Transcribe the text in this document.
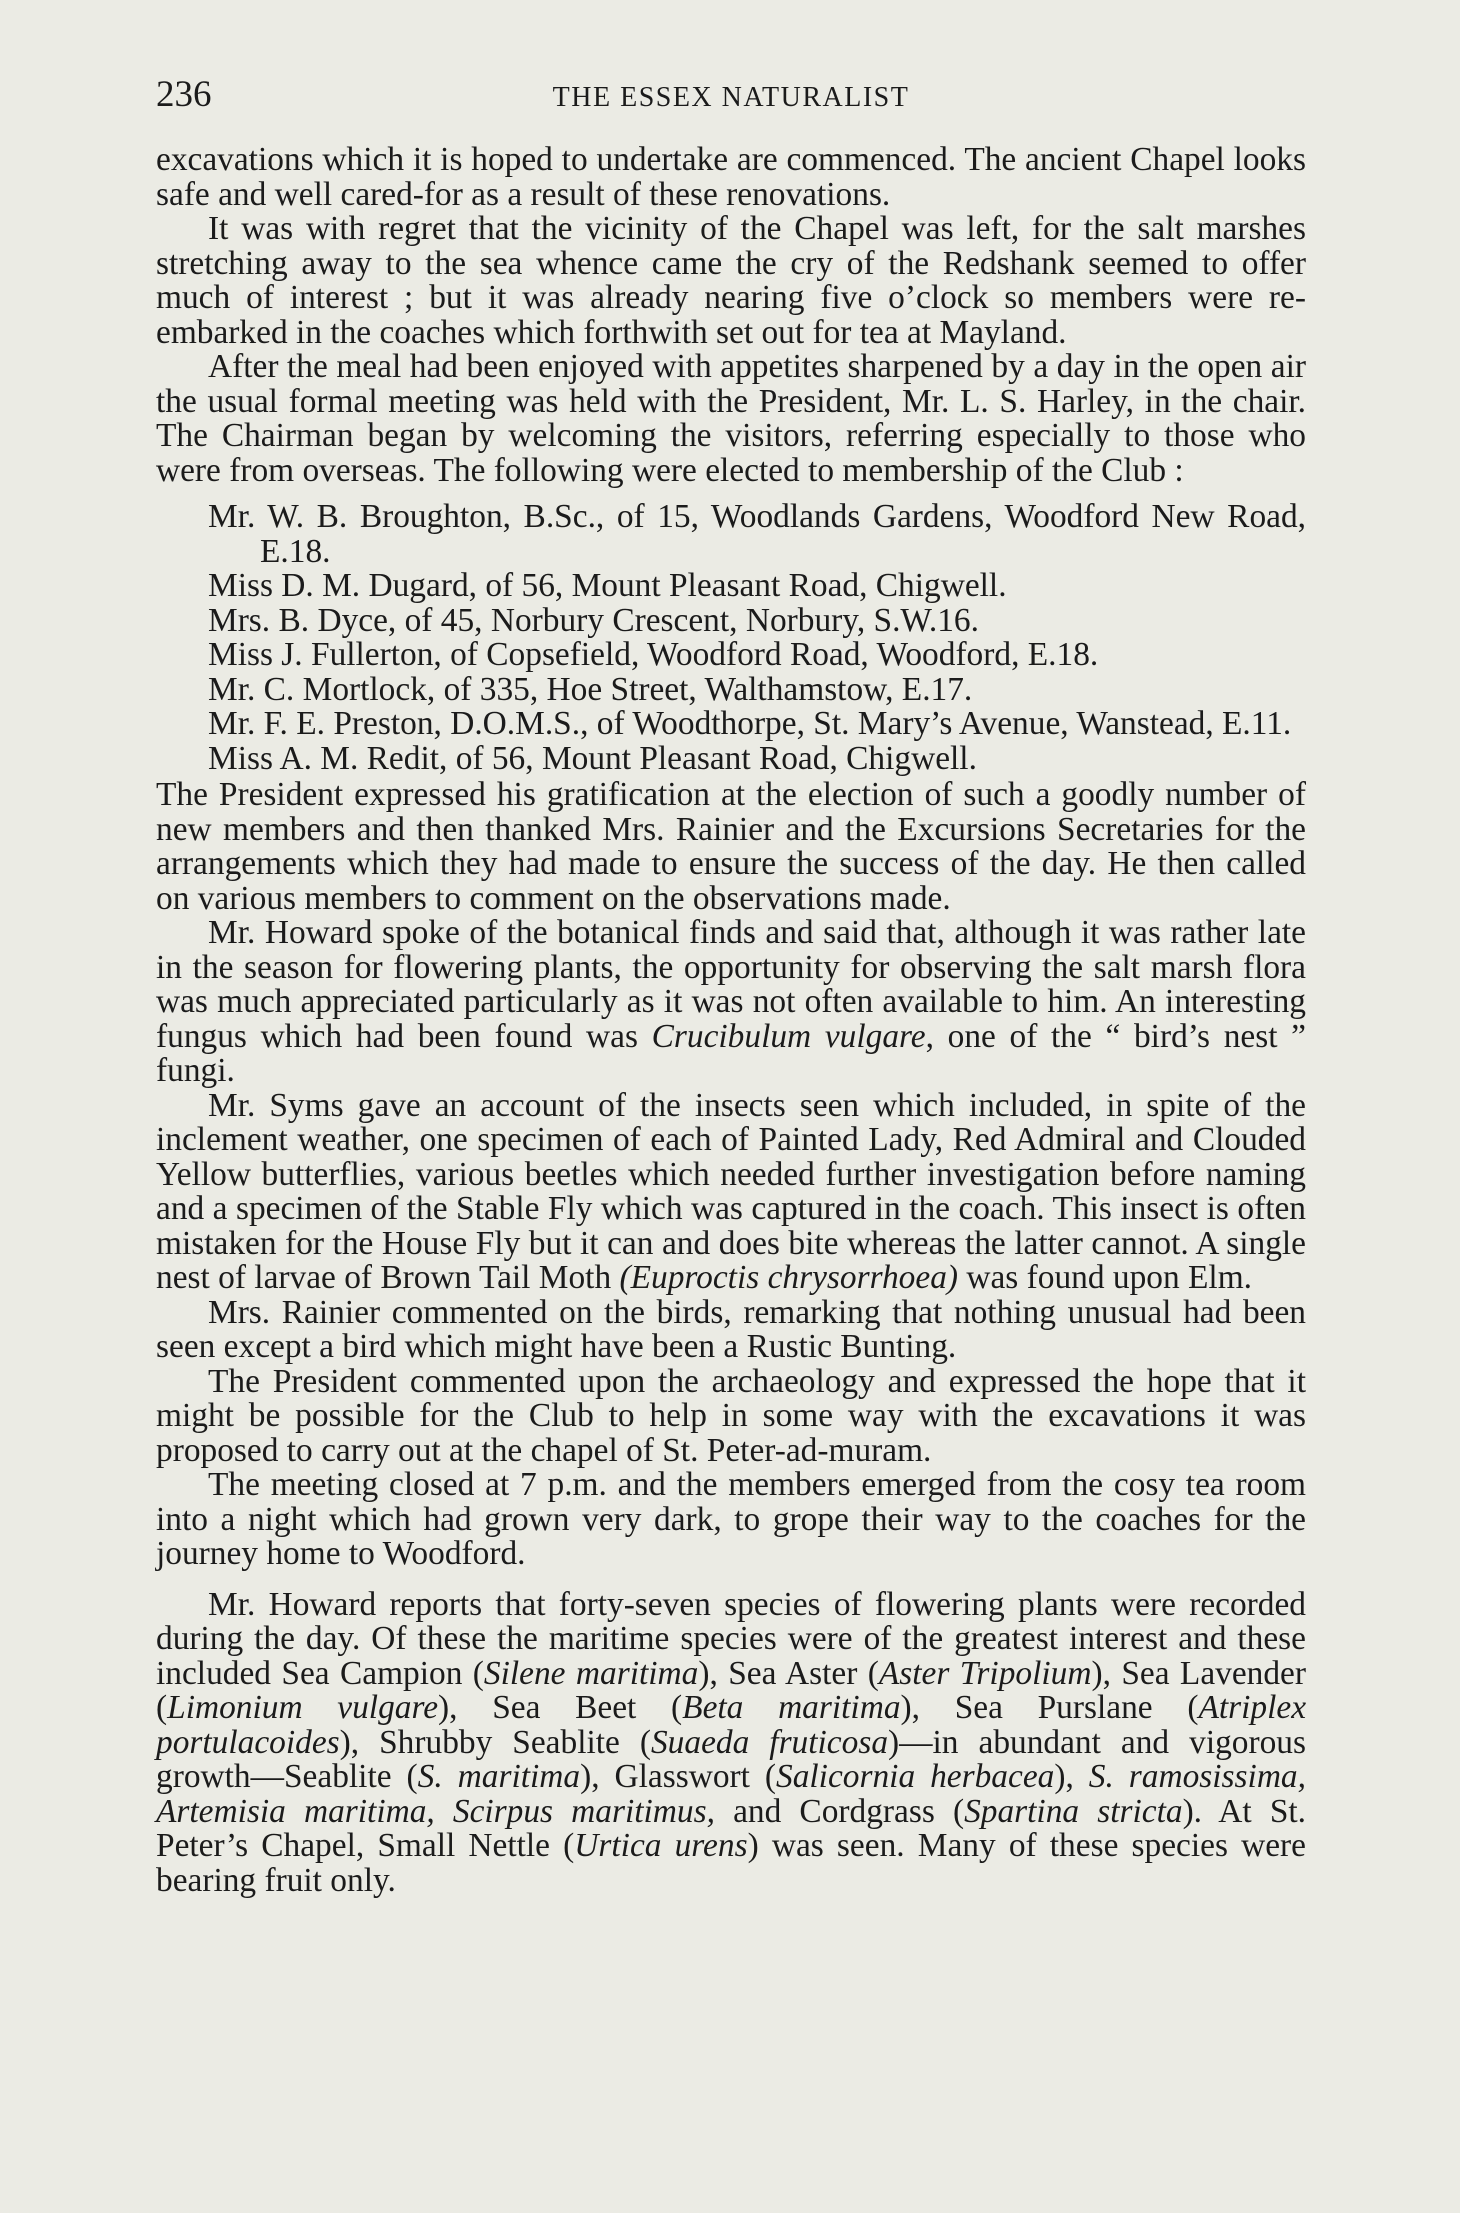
236	THE ESSEX NATURALIST

excavations which it is hoped to undertake are commenced. The ancient Chapel looks safe and well cared-for as a result of these renovations.

It was with regret that the vicinity of the Chapel was left, for the salt marshes stretching away to the sea whence came the cry of the Redshank seemed to offer much of interest ; but it was already nearing five o’clock so members were re-embarked in the coaches which forthwith set out for tea at Mayland.

After the meal had been enjoyed with appetites sharpened by a day in the open air the usual formal meeting was held with the President, Mr. L. S. Harley, in the chair. The Chairman began by welcoming the visitors, referring especially to those who were from overseas. The following were elected to membership of the Club :

Mr. W. B. Broughton, B.Sc., of 15, Woodlands Gardens, Woodford New Road, E.18.
Miss D. M. Dugard, of 56, Mount Pleasant Road, Chigwell.
Mrs. B. Dyce, of 45, Norbury Crescent, Norbury, S.W.16.
Miss J. Fullerton, of Copsefield, Woodford Road, Woodford, E.18.
Mr. C. Mortlock, of 335, Hoe Street, Walthamstow, E.17.
Mr. F. E. Preston, D.O.M.S., of Woodthorpe, St. Mary’s Avenue, Wanstead, E.11.
Miss A. M. Redit, of 56, Mount Pleasant Road, Chigwell.

The President expressed his gratification at the election of such a goodly number of new members and then thanked Mrs. Rainier and the Excursions Secretaries for the arrangements which they had made to ensure the success of the day. He then called on various members to comment on the observations made.

Mr. Howard spoke of the botanical finds and said that, although it was rather late in the season for flowering plants, the opportunity for observing the salt marsh flora was much appreciated particularly as it was not often available to him. An interesting fungus which had been found was Crucibulum vulgare, one of the “ bird’s nest ” fungi.

Mr. Syms gave an account of the insects seen which included, in spite of the inclement weather, one specimen of each of Painted Lady, Red Admiral and Clouded Yellow butterflies, various beetles which needed further investigation before naming and a specimen of the Stable Fly which was captured in the coach. This insect is often mistaken for the House Fly but it can and does bite whereas the latter cannot. A single nest of larvae of Brown Tail Moth (Euproctis chrysorrhoea) was found upon Elm.

Mrs. Rainier commented on the birds, remarking that nothing unusual had been seen except a bird which might have been a Rustic Bunting.

The President commented upon the archaeology and expressed the hope that it might be possible for the Club to help in some way with the excavations it was proposed to carry out at the chapel of St. Peter-ad-muram.

The meeting closed at 7 p.m. and the members emerged from the cosy tea room into a night which had grown very dark, to grope their way to the coaches for the journey home to Woodford.

Mr. Howard reports that forty-seven species of flowering plants were recorded during the day. Of these the maritime species were of the greatest interest and these included Sea Campion (Silene maritima), Sea Aster (Aster Tripolium), Sea Lavender (Limonium vulgare), Sea Beet (Beta maritima), Sea Purslane (Atriplex portulacoides), Shrubby Seablite (Suaeda fruticosa)—in abundant and vigorous growth—Seablite (S. maritima), Glasswort (Salicornia herbacea), S. ramosissima, Artemisia maritima, Scirpus maritimus, and Cordgrass (Spartina stricta). At St. Peter’s Chapel, Small Nettle (Urtica urens) was seen. Many of these species were bearing fruit only.
